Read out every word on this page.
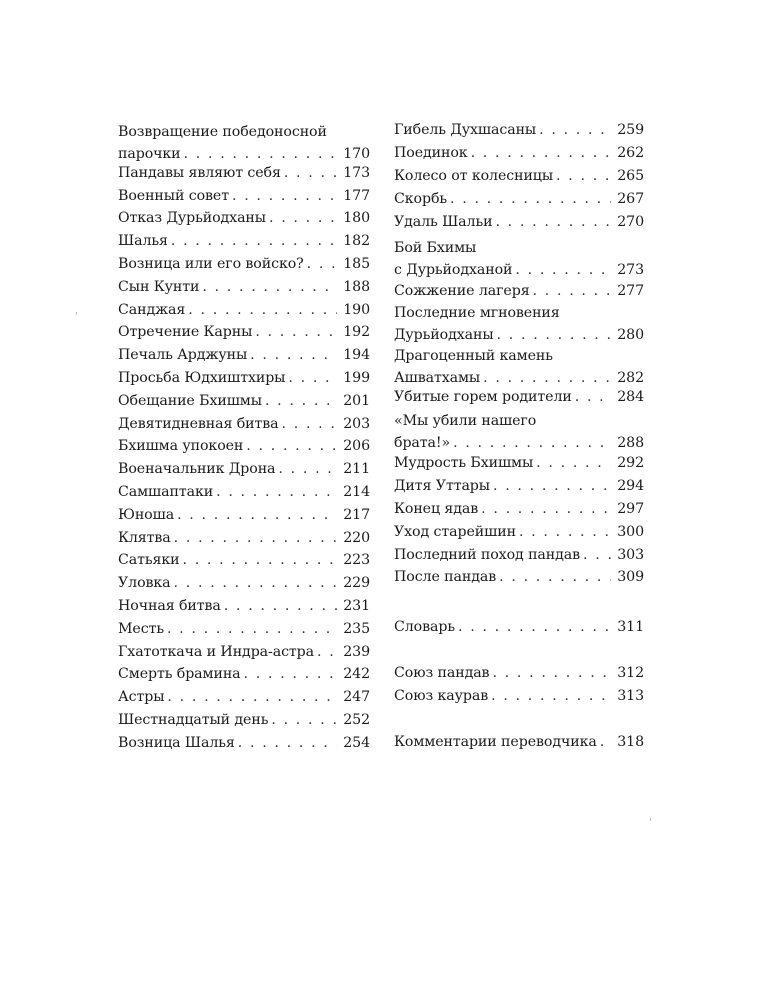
Возвращение победоносной
парочки . . .	170
Пандавы являют себя . . .	173
Военный совет . . .	177
Отказ Дурьйодханы . . .	180
Шалья . . .	182
Возница или его войско? . . .	185
Сын Кунти . . .	188
Санджая . . .	190
Отречение Карны . . .	192
Печаль Арджуны . . .	194
Просьба Юдхиштхиры . . .	199
Обещание Бхишмы . . .	201
Девятидневная битва . . .	203
Бхишма упокоен . . .	206
Военачальник Дрона . . .	211
Самшаптаки . . .	214
Юноша . . .	217
Клятва . . .	220
Сатьяки . . .	223
Уловка . . .	229
Ночная битва . . .	231
Месть . . .	235
Гхатоткача и Индра-астра . . . 239
Смерть брамина . . .	242
Астры . . .	247
Шестнадцатый день . . .	252
Возница Шалья . . .	254
Гибель Духшасаны . . .	259
Поединок . . .	262
Колесо от колесницы . . .	265
Скорбь . . .	267
Удаль Шальи . . .	270
Бой Бхимы
с Дурьйодханой . . .	273
Сожжение лагеря . . .	277
Последние мгновения
Дурьйодханы . . .	280
Драгоценный камень
Ашватхамы . . .	282
Убитые горем родители . . .	284
«Мы убили нашего
брата!» . . .	288
Мудрость Бхишмы . . .	292
Дитя Уттары . . .	294
Конец ядав . . .	297
Уход старейшин . . .	300
Последний поход пандав . . .	303
После пандав . . .	309
Словарь . . .	311
Союз пандав . . .	312
Союз каурав . . .	313
Комментарии переводчика . . . 318
